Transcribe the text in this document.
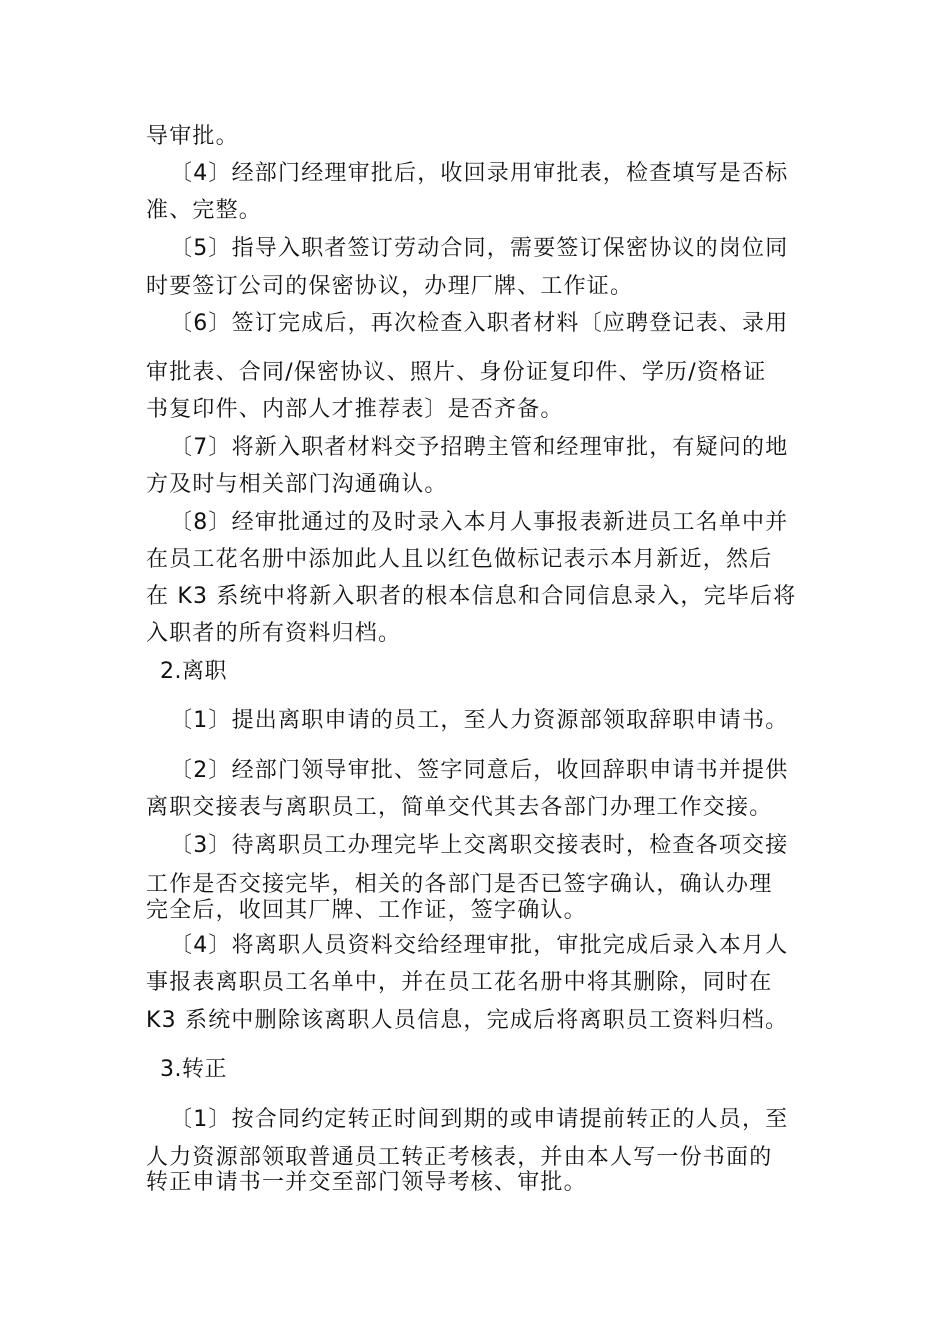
导审批。

〔4〕经部门经理审批后，收回录用审批表，检查填写是否标

准、完整。

〔5〕指导入职者签订劳动合同，需要签订保密协议的岗位同

时要签订公司的保密协议，办理厂牌、工作证。

〔6〕签订完成后，再次检查入职者材料〔应聘登记表、录用

审批表、合同/保密协议、照片、身份证复印件、学历/资格证

书复印件、内部人才推荐表〕是否齐备。

〔7〕将新入职者材料交予招聘主管和经理审批，有疑问的地

方及时与相关部门沟通确认。

〔8〕经审批通过的及时录入本月人事报表新进员工名单中并

在员工花名册中添加此人且以红色做标记表示本月新近，然后

在 K3 系统中将新入职者的根本信息和合同信息录入，完毕后将

入职者的所有资料归档。

2.离职

〔1〕提出离职申请的员工，至人力资源部领取辞职申请书。

〔2〕经部门领导审批、签字同意后，收回辞职申请书并提供

离职交接表与离职员工，简单交代其去各部门办理工作交接。

〔3〕待离职员工办理完毕上交离职交接表时，检查各项交接

工作是否交接完毕，相关的各部门是否已签字确认，确认办理

完全后，收回其厂牌、工作证，签字确认。

〔4〕将离职人员资料交给经理审批，审批完成后录入本月人

事报表离职员工名单中，并在员工花名册中将其删除，同时在

K3 系统中删除该离职人员信息，完成后将离职员工资料归档。

3.转正

〔1〕按合同约定转正时间到期的或申请提前转正的人员，至

人力资源部领取普通员工转正考核表，并由本人写一份书面的

转正申请书一并交至部门领导考核、审批。
